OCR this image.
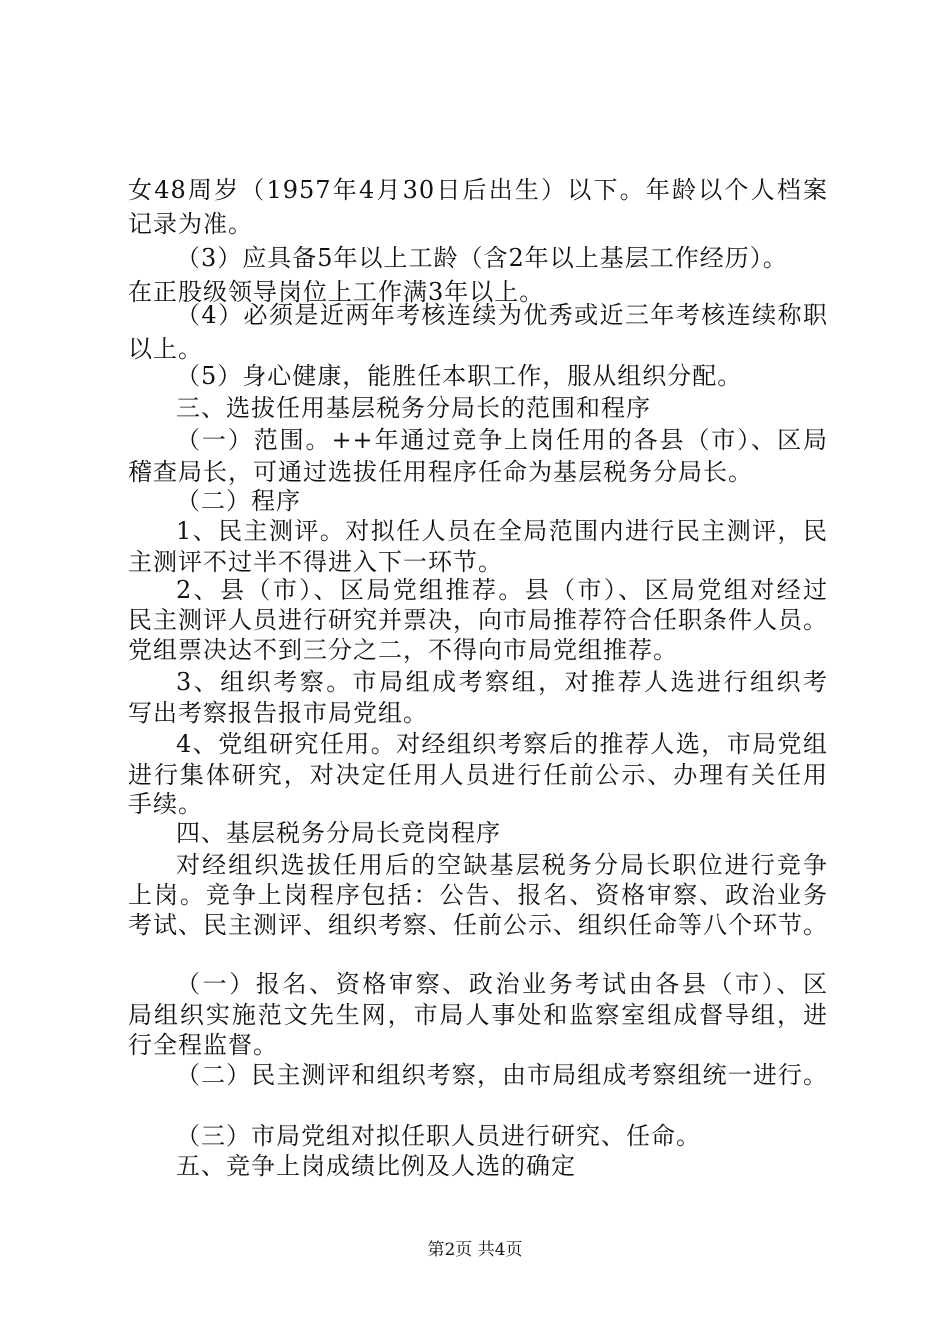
女48周岁（1957年4月30日后出生）以下。年龄以个人档案
记录为准。
（3）应具备5年以上工龄（含2年以上基层工作经历）。
在正股级领导岗位上工作满3年以上。
（4）必须是近两年考核连续为优秀或近三年考核连续称职
以上。
（5）身心健康，能胜任本职工作，服从组织分配。
三、选拔任用基层税务分局长的范围和程序
（一）范围。++年通过竞争上岗任用的各县（市）、区局
稽查局长，可通过选拔任用程序任命为基层税务分局长。
（二）程序
1、民主测评。对拟任人员在全局范围内进行民主测评，民
主测评不过半不得进入下一环节。
2、县（市）、区局党组推荐。县（市）、区局党组对经过
民主测评人员进行研究并票决，向市局推荐符合任职条件人员。
党组票决达不到三分之二，不得向市局党组推荐。
3、组织考察。市局组成考察组，对推荐人选进行组织考
写出考察报告报市局党组。
4、党组研究任用。对经组织考察后的推荐人选，市局党组
进行集体研究，对决定任用人员进行任前公示、办理有关任用
手续。
四、基层税务分局长竞岗程序
对经组织选拔任用后的空缺基层税务分局长职位进行竞争
上岗。竞争上岗程序包括：公告、报名、资格审察、政治业务
考试、民主测评、组织考察、任前公示、组织任命等八个环节。
（一）报名、资格审察、政治业务考试由各县（市）、区
局组织实施范文先生网，市局人事处和监察室组成督导组，进
行全程监督。
（二）民主测评和组织考察，由市局组成考察组统一进行。
（三）市局党组对拟任职人员进行研究、任命。
五、竞争上岗成绩比例及人选的确定
第2页 共4页
